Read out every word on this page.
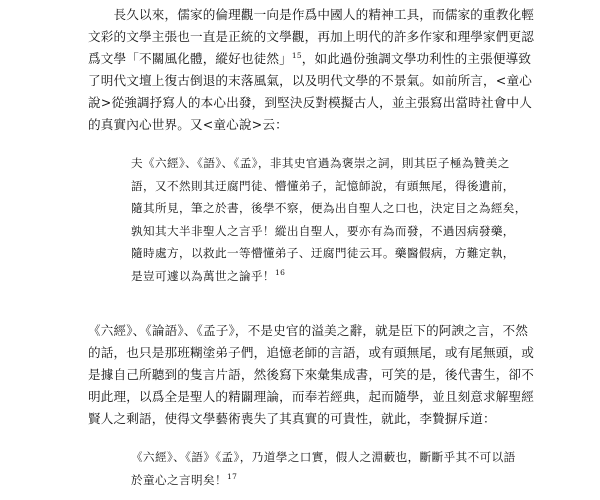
　　長久以來，儒家的倫理觀一向是作爲中國人的精神工具，而儒家的重教化輕
文彩的文學主張也一直是正統的文學觀，再加上明代的許多作家和理學家們更認
爲文學「不關風化體，縱好也徒然」$^{15}$，如此過份強調文學功利性的主張便導致
了明代文壇上復古倒退的末落風氣，以及明代文學的不景氣。如前所言，<童心
說>從強調抒寫人的本心出發，到堅決反對模擬古人，並主張寫出當時社會中人
的真實內心世界。又<童心說>云：
夫《六經》、《語》、《孟》，非其史官過為褒崇之詞，則其臣子極為贊美之
語，又不然則其迂腐門徒、懵懂弟子，記憶師說，有頭無尾，得後遺前，
隨其所見，筆之於書，後學不察，便為出自聖人之口也，決定目之為經矣，
孰知其大半非聖人之言乎！縱出自聖人，要亦有為而發，不過因病發藥，
隨時處方，以救此一等懵懂弟子、迂腐門徒云耳。藥醫假病，方難定執，
是豈可遽以為萬世之論乎！$^{16}$
《六經》、《論語》、《孟子》，不是史官的溢美之辭，就是臣下的阿諛之言，不然
的話，也只是那班糊塗弟子們，追憶老師的言語，或有頭無尾，或有尾無頭，或
是據自己所聽到的隻言片語，然後寫下來彙集成書，可笑的是，後代書生，卻不
明此理，以爲全是聖人的精闢理論，而奉若經典，起而隨學，並且刻意求解聖經
賢人之剩語，使得文學藝術喪失了其真實的可貴性，就此，李贄摒斥道：
《六經》、《語》《孟》，乃道學之口實，假人之淵藪也，斷斷乎其不可以語
於童心之言明矣！$^{17}$
